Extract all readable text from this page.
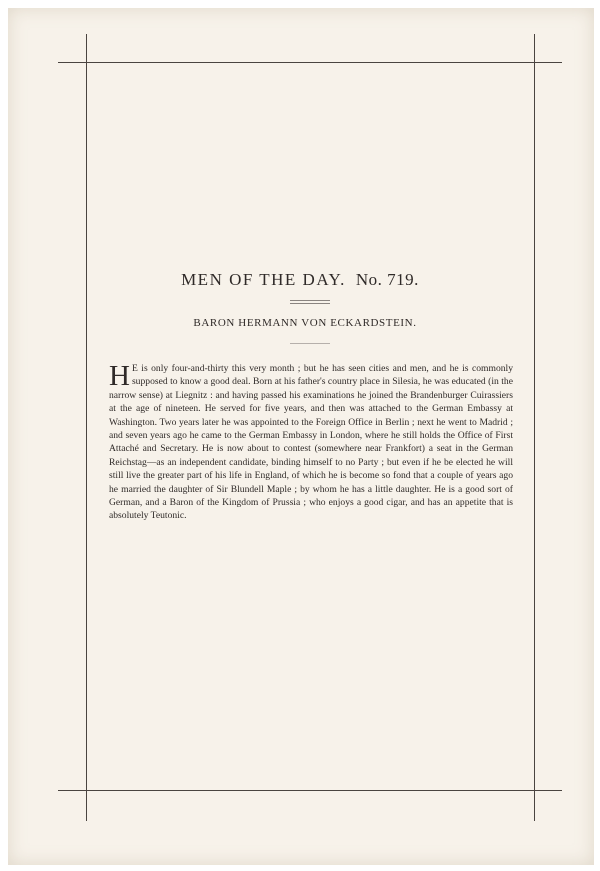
MEN OF THE DAY. No. 719.
BARON HERMANN VON ECKARDSTEIN.
H E is only four-and-thirty this very month ; but he has seen cities and men, and he is commonly supposed to know a good deal. Born at his father's country place in Silesia, he was educated (in the narrow sense) at Liegnitz : and having passed his examinations he joined the Brandenburger Cuirassiers at the age of nineteen. He served for five years, and then was attached to the German Embassy at Washington. Two years later he was appointed to the Foreign Office in Berlin ; next he went to Madrid ; and seven years ago he came to the German Embassy in London, where he still holds the Office of First Attaché and Secretary. He is now about to contest (somewhere near Frankfort) a seat in the German Reichstag—as an independent candidate, binding himself to no Party ; but even if he be elected he will still live the greater part of his life in England, of which he is become so fond that a couple of years ago he married the daughter of Sir Blundell Maple ; by whom he has a little daughter. He is a good sort of German, and a Baron of the Kingdom of Prussia ; who enjoys a good cigar, and has an appetite that is absolutely Teutonic.
